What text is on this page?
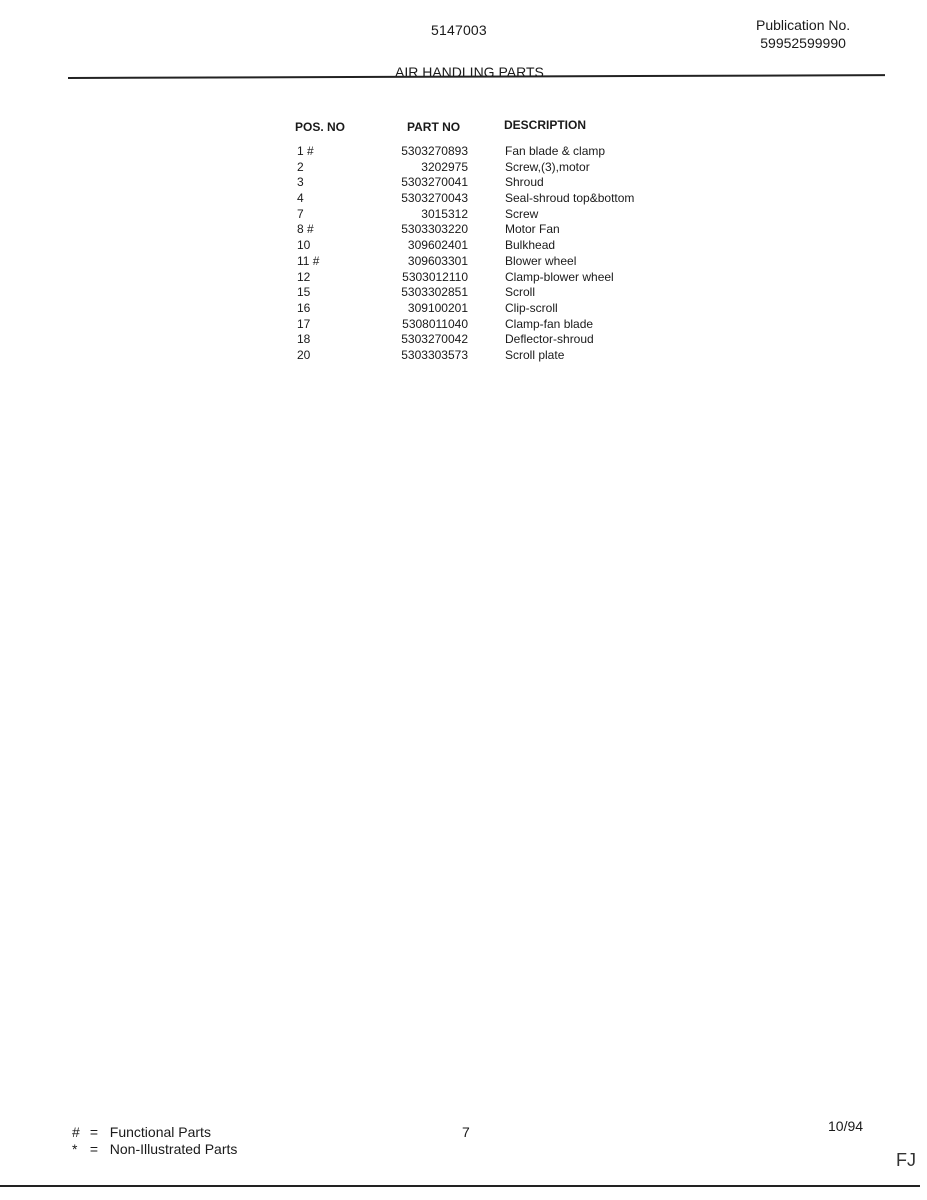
5147003	Publication No.
59952599990
AIR HANDLING PARTS
POS. NO	PART NO	DESCRIPTION
1 #	5303270893	Fan blade & clamp
2	3202975	Screw,(3),motor
3	5303270041	Shroud
4	5303270043	Seal-shroud top&bottom
7	3015312	Screw
8 #	5303303220	Motor Fan
10	309602401	Bulkhead
11 #	309603301	Blower wheel
12	5303012110	Clamp-blower wheel
15	5303302851	Scroll
16	309100201	Clip-scroll
17	5308011040	Clamp-fan blade
18	5303270042	Deflector-shroud
20	5303303573	Scroll plate
# = Functional Parts
* = Non-Illustrated Parts
7	10/94
FJ
